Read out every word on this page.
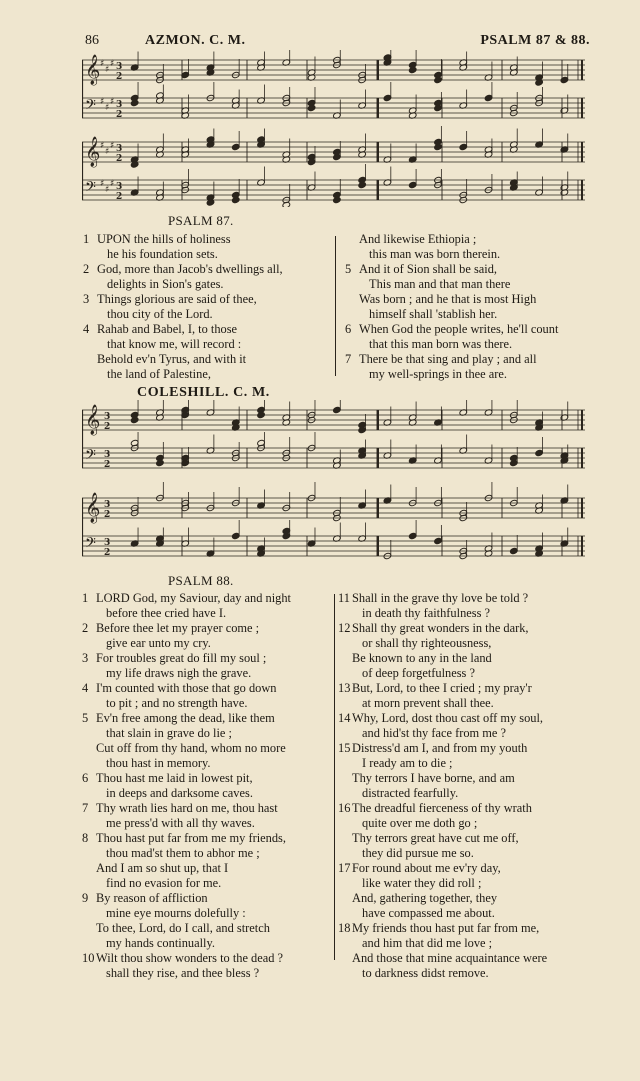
86	AZMON. C. M.	PSALM 87 & 88.
𝄞 ♯
♯
♯ 3
2
𝄢 ♯
♯
♯ 3
2
𝄞 ♯
♯
♯ 3
2
𝄢 ♯
♯
♯ 3
2
PSALM 87.
1 UPON the hills of holiness
he his foundation sets.
2 God, more than Jacob's dwellings all,
delights in Sion's gates.
3 Things glorious are said of thee,
thou city of the Lord.
4 Rahab and Babel, I, to those
that know me, will record :
Behold ev'n Tyrus, and with it
the land of Palestine,
And likewise Ethiopia ;
this man was born therein.
5 And it of Sion shall be said,
This man and that man there
Was born ; and he that is most High
himself shall 'stablish her.
6 When God the people writes, he'll count
that this man born was there.
7 There be that sing and play ; and all
my well-springs in thee are.
COLESHILL. C. M.
𝄞 3
2
𝄢 3
2
𝄞 3
2
𝄢 3
2
PSALM 88.
1 LORD God, my Saviour, day and night
before thee cried have I.
2 Before thee let my prayer come ;
give ear unto my cry.
3 For troubles great do fill my soul ;
my life draws nigh the grave.
4 I'm counted with those that go down
to pit ; and no strength have.
5 Ev'n free among the dead, like them
that slain in grave do lie ;
Cut off from thy hand, whom no more
thou hast in memory.
6 Thou hast me laid in lowest pit,
in deeps and darksome caves.
7 Thy wrath lies hard on me, thou hast
me press'd with all thy waves.
8 Thou hast put far from me my friends,
thou mad'st them to abhor me ;
And I am so shut up, that I
find no evasion for me.
9 By reason of affliction
mine eye mourns dolefully :
To thee, Lord, do I call, and stretch
my hands continually.
10 Wilt thou show wonders to the dead ?
shall they rise, and thee bless ?
11 Shall in the grave thy love be told ?
in death thy faithfulness ?
12 Shall thy great wonders in the dark,
or shall thy righteousness,
Be known to any in the land
of deep forgetfulness ?
13 But, Lord, to thee I cried ; my pray'r
at morn prevent shall thee.
14 Why, Lord, dost thou cast off my soul,
and hid'st thy face from me ?
15 Distress'd am I, and from my youth
I ready am to die ;
Thy terrors I have borne, and am
distracted fearfully.
16 The dreadful fierceness of thy wrath
quite over me doth go ;
Thy terrors great have cut me off,
they did pursue me so.
17 For round about me ev'ry day,
like water they did roll ;
And, gathering together, they
have compassed me about.
18 My friends thou hast put far from me,
and him that did me love ;
And those that mine acquaintance were
to darkness didst remove.
